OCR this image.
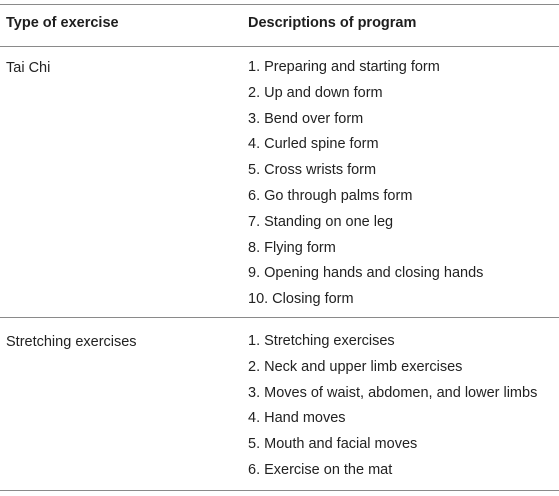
Type of exercise	Descriptions of program
Tai Chi	1. Preparing and starting form
2. Up and down form
3. Bend over form
4. Curled spine form
5. Cross wrists form
6. Go through palms form
7. Standing on one leg
8. Flying form
9. Opening hands and closing hands
10. Closing form
Stretching exercises	1. Stretching exercises
2. Neck and upper limb exercises
3. Moves of waist, abdomen, and lower limbs
4. Hand moves
5. Mouth and facial moves
6. Exercise on the mat
